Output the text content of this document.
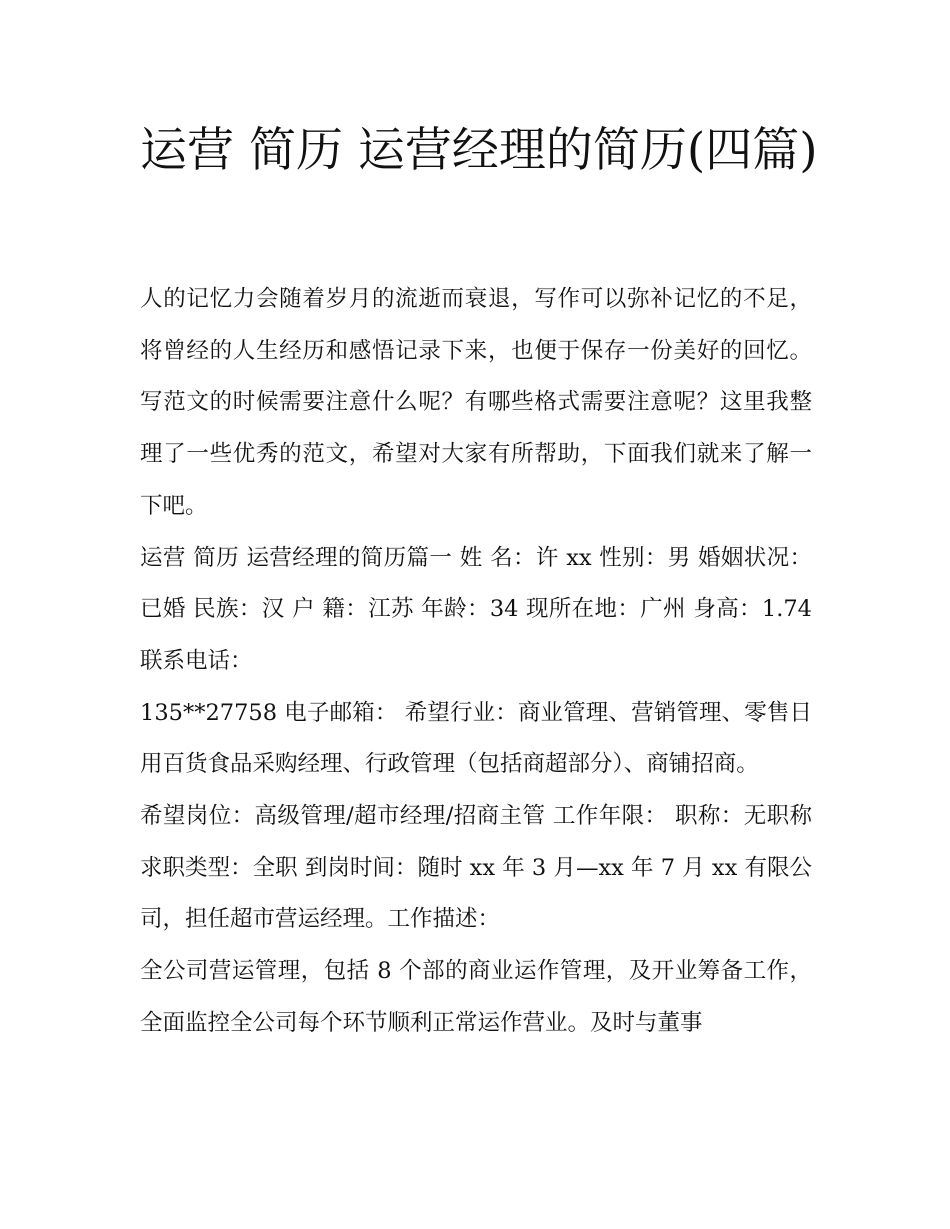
运营 简历 运营经理的简历(四篇)

人的记忆力会随着岁月的流逝而衰退，写作可以弥补记忆的不足，将曾经的人生经历和感悟记录下来，也便于保存一份美好的回忆。写范文的时候需要注意什么呢？有哪些格式需要注意呢？这里我整理了一些优秀的范文，希望对大家有所帮助，下面我们就来了解一下吧。

运营 简历 运营经理的简历篇一 姓 名：许 xx 性别：男 婚姻状况：已婚 民族：汉 户 籍：江苏 年龄：34 现所在地：广州 身高：1.74 联系电话：

135**27758 电子邮箱： 希望行业：商业管理、营销管理、零售日用百货食品采购经理、行政管理（包括商超部分）、商铺招商。

希望岗位：高级管理/超市经理/招商主管 工作年限： 职称：无职称 求职类型：全职 到岗时间：随时 xx 年 3 月—xx 年 7 月 xx 有限公司，担任超市营运经理。工作描述：

全公司营运管理，包括 8 个部的商业运作管理，及开业筹备工作，全面监控全公司每个环节顺利正常运作营业。及时与董事
